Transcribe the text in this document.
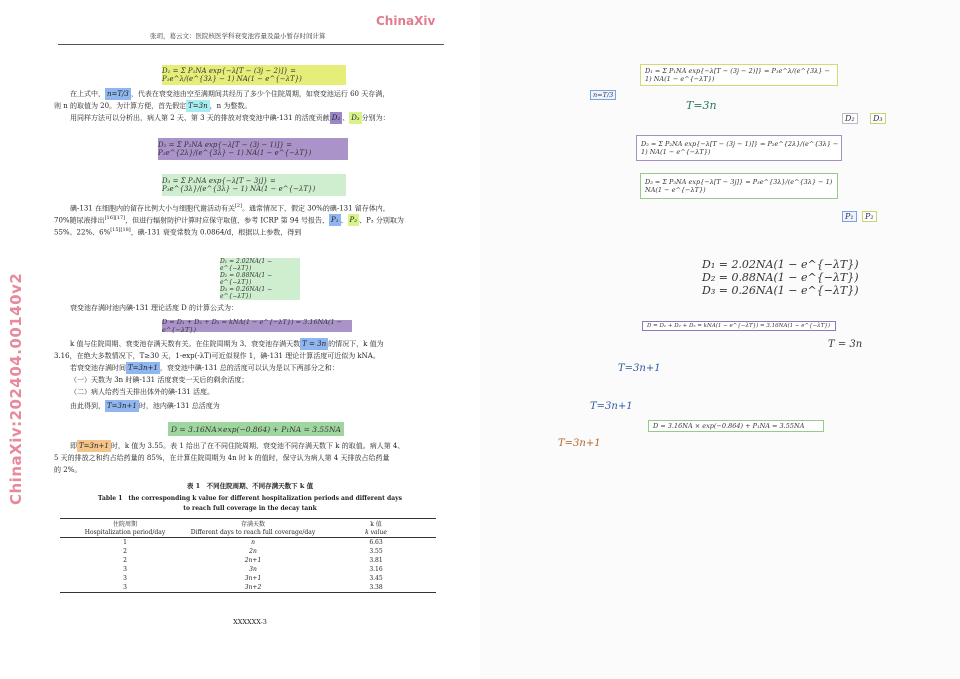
ChinaXiv
ChinaXiv:202404.00140v2
张玥，葛云文：医院核医学科衰变池容量及最小暂存时间计算
D₁ = Σ P₁NA exp{−λ[T − (3j − 2)]} = P₁e^λ/(e^{3λ} − 1) NA(1 − e^{−λT})
在上式中， n=T/3 ，代表在衰变池由空至满期间共经历了多少个住院周期，如衰变池运行 60 天存满，
则 n 的取值为 20。为计算方便，首先假定 T=3n ，n 为整数。
用同样方法可以分析出，病人第 2 天、第 3 天的排放对衰变池中碘-131 的活度贡献 D₂ 、 D₃ 分别为：
D₂ = Σ P₂NA exp{−λ[T − (3j − 1)]} = P₂e^{2λ}/(e^{3λ} − 1) NA(1 − e^{−λT})
D₃ = Σ P₃NA exp{−λ[T − 3j]} = P₃e^{3λ}/(e^{3λ} − 1) NA(1 − e^{−λT})
碘-131 在细胞内的留存比例大小与细胞代谢活动有关[2]。通常情况下，假定 30%的碘-131 留存体内，
70%随尿液排出[16][17]，但进行辐射防护计算时应保守取值，参考 ICRP 第 94 号报告， P₁ 、 P₂ 、P₃ 分别取为
55%、22%、6%[15][18]，碘-131 衰变常数为 0.0864/d，根据以上参数，得到
D₁ = 2.02NA(1 − e^{−λT})
D₂ = 0.88NA(1 − e^{−λT})
D₃ = 0.26NA(1 − e^{−λT})
衰变池存满时池内碘-131 理论活度 D 的计算公式为：
D = D₁ + D₂ + D₃ = kNA(1 − e^{−λT}) = 3.16NA(1 − e^{−λT})
k 值与住院周期、衰变池存满天数有关。在住院周期为 3、衰变池存满天数 T = 3n 的情况下，k 值为
3.16，在绝大多数情况下，T≥30 天，1-exp(-λT)可近似视作 1，碘-131 理论计算活度可近似为 kNA。
若衰变池存满时间 T=3n+1 ，衰变池中碘-131 总的活度可以认为是以下两部分之和：
（一）天数为 3n 时碘-131 活度衰变一天后的剩余活度；
（二）病人给药当天排出体外的碘-131 活度。
由此得到， T=3n+1 时，池内碘-131 总活度为
D = 3.16NA×exp(−0.864) + P₁NA = 3.55NA
即 T=3n+1 时，k 值为 3.55。表 1 给出了在不同住院周期、衰变池不同存满天数下 k 的取值。病人第 4、
5 天的排放之和约占给药量的 85%，在计算住院周期为 4n 时 k 的值时，保守认为病人第 4 天排放占给药量
的 2%。
表 1　不同住院周期、不同存满天数下 k 值
Table 1　the corresponding k value for different hospitalization periods and different days
to reach full coverage in the decay tank
住院周期	存满天数	k 值
Hospitalization period/day	Different days to reach full coverage/day	k value
1	n	6.63
2	2n	3.55
2	2n+1	3.81
3	3n	3.16
3	3n+1	3.45
3	3n+2	3.38
XXXXXX-3
D₁ = Σ P₁NA exp{−λ[T − (3j − 2)]} = P₁e^λ/(e^{3λ} − 1) NA(1 − e^{−λT})
n=T/3
T=3n
D₂	D₃
D₂ = Σ P₂NA exp{−λ[T − (3j − 1)]} = P₂e^{2λ}/(e^{3λ} − 1) NA(1 − e^{−λT})
D₃ = Σ P₃NA exp{−λ[T − 3j]} = P₃e^{3λ}/(e^{3λ} − 1) NA(1 − e^{−λT})
P₁	P₂
D₁ = 2.02NA(1 − e^{−λT})
D₂ = 0.88NA(1 − e^{−λT})
D₃ = 0.26NA(1 − e^{−λT})
D = D₁ + D₂ + D₃ = kNA(1 − e^{−λT}) = 3.16NA(1 − e^{−λT})
T = 3n
T=3n+1
T=3n+1
D = 3.16NA × exp(−0.864) + P₁NA = 3.55NA
T=3n+1
